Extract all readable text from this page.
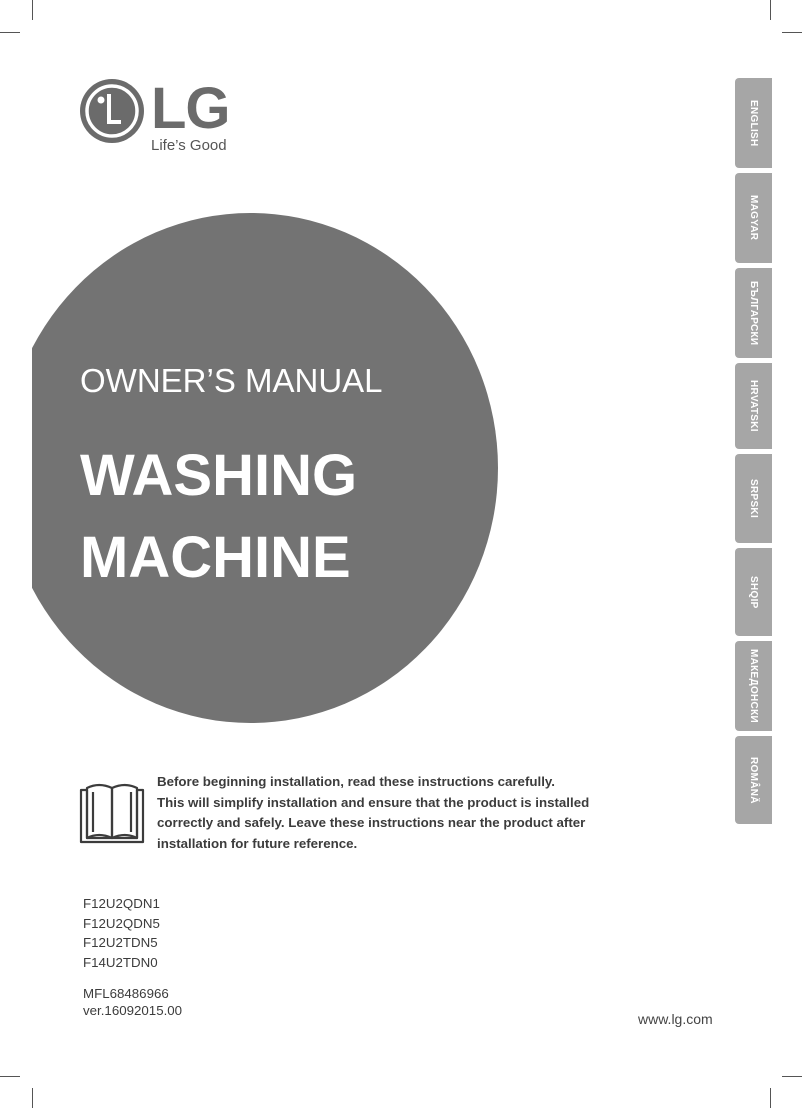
LG
Life’s Good
OWNER’S MANUAL
WASHING
MACHINE
ENGLISH
MAGYAR
БЪЛГАРСКИ
HRVATSKI
SRPSKI
SHQIP
МАКЕДОНСКИ
ROMÂNĂ
Before beginning installation, read these instructions carefully.
This will simplify installation and ensure that the product is installed
correctly and safely. Leave these instructions near the product after
installation for future reference.
F12U2QDN1
F12U2QDN5
F12U2TDN5
F14U2TDN0
MFL68486966
ver.16092015.00
www.lg.com
